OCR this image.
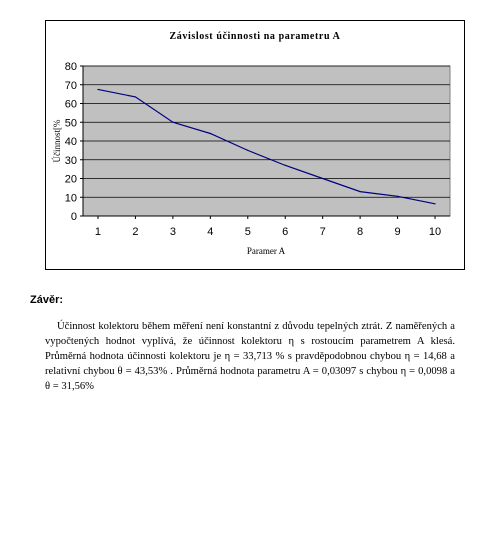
Závislost účinnosti na parametru A
0
10
20
30
40
50
60
70
80
1	2	3	4	5	6	7	8	9	10
Účinnost[%
Paramer A
Závěr:

Účinnost kolektoru během měření není konstantní z důvodu tepelných ztrát. Z naměřených a vypočtených hodnot vyplívá, že účinnost kolektoru η s rostoucím parametrem A klesá. Průměrná hodnota účinnosti kolektoru je η = 33,713 % s pravděpodobnou chybou η = 14,68 a relativní chybou θ = 43,53% . Průměrná hodnota parametru A = 0,03097 s chybou η = 0,0098 a θ = 31,56%
